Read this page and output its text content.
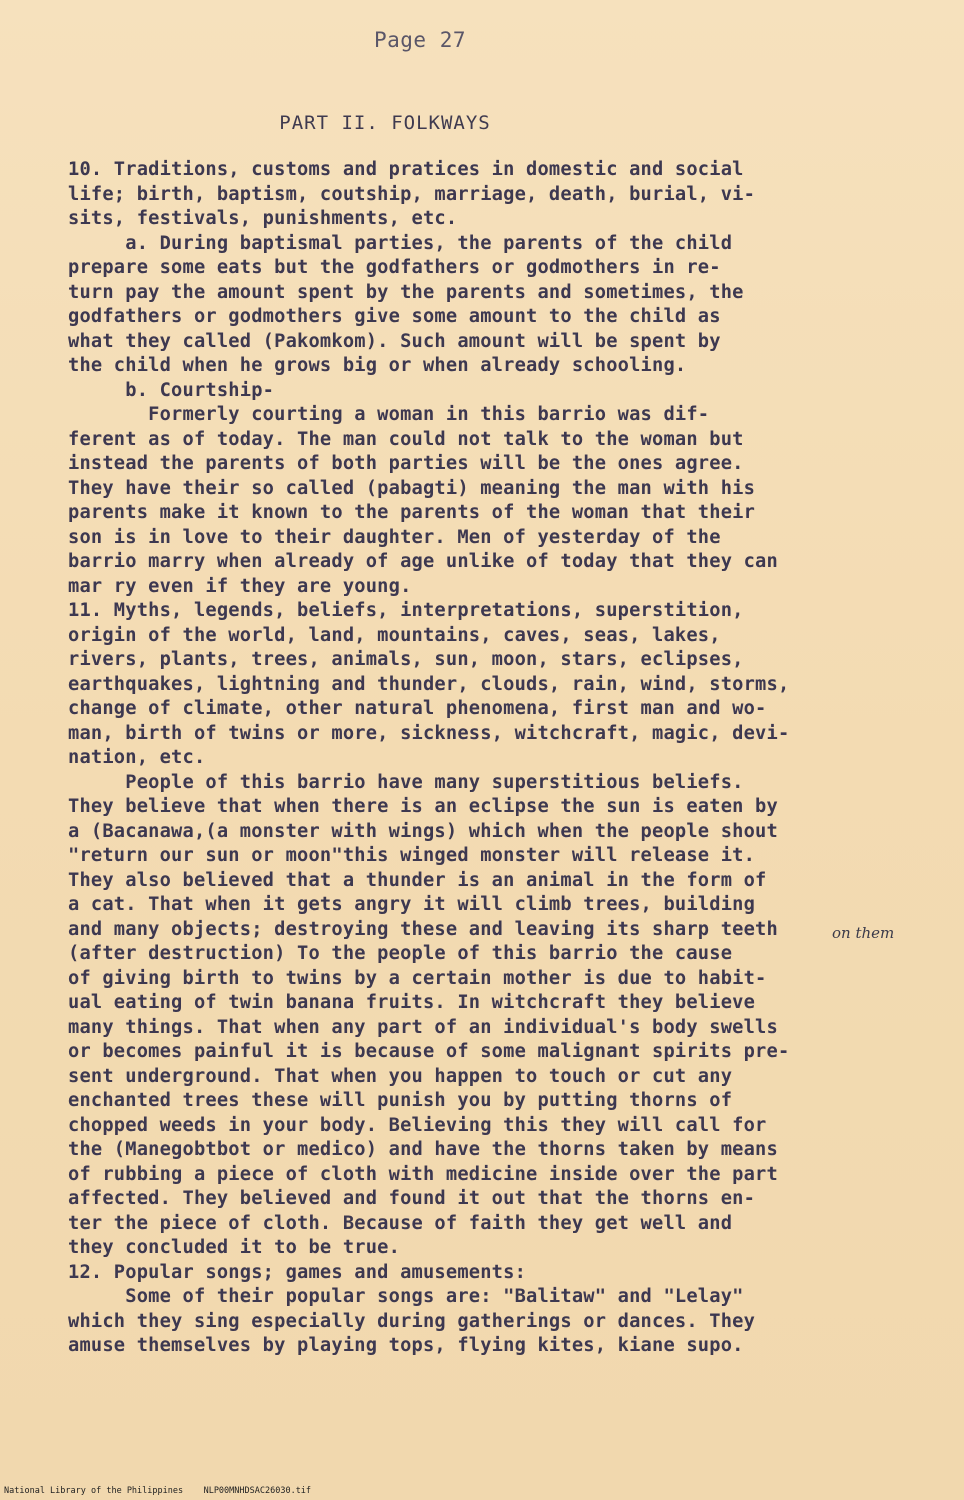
Page 27
PART II. FOLKWAYS
10. Traditions, customs and pratices in domestic and social
life; birth, baptism, coutship, marriage, death, burial, vi-
sits, festivals, punishments, etc.
a. During baptismal parties, the parents of the child
prepare some eats but the godfathers or godmothers in re-
turn pay the amount spent by the parents and sometimes, the
godfathers or godmothers give some amount to the child as
what they called (Pakomkom). Such amount will be spent by
the child when he grows big or when already schooling.
b. Courtship-
Formerly courting a woman in this barrio was dif-
ferent as of today. The man could not talk to the woman but
instead the parents of both parties will be the ones agree.
They have their so called (pabagti) meaning the man with his
parents make it known to the parents of the woman that their
son is in love to their daughter. Men of yesterday of the
barrio marry when already of age unlike of today that they can
mar ry even if they are young.
11. Myths, legends, beliefs, interpretations, superstition,
origin of the world, land, mountains, caves, seas, lakes,
rivers, plants, trees, animals, sun, moon, stars, eclipses,
earthquakes, lightning and thunder, clouds, rain, wind, storms,
change of climate, other natural phenomena, first man and wo-
man, birth of twins or more, sickness, witchcraft, magic, devi-
nation, etc.
People of this barrio have many superstitious beliefs.
They believe that when there is an eclipse the sun is eaten by
a (Bacanawa,(a monster with wings) which when the people shout
"return our sun or moon"this winged monster will release it.
They also believed that a thunder is an animal in the form of
a cat. That when it gets angry it will climb trees, building
and many objects; destroying these and leaving its sharp teeth
(after destruction) To the people of this barrio the cause
of giving birth to twins by a certain mother is due to habit-
ual eating of twin banana fruits. In witchcraft they believe
many things. That when any part of an individual's body swells
or becomes painful it is because of some malignant spirits pre-
sent underground. That when you happen to touch or cut any
enchanted trees these will punish you by putting thorns of
chopped weeds in your body. Believing this they will call for
the (Manegobtbot or medico) and have the thorns taken by means
of rubbing a piece of cloth with medicine inside over the part
affected. They believed and found it out that the thorns en-
ter the piece of cloth. Because of faith they get well and
they concluded it to be true.
12. Popular songs; games and amusements:
Some of their popular songs are: "Balitaw" and "Lelay"
which they sing especially during gatherings or dances. They
amuse themselves by playing tops, flying kites, kiane supo.
on them
National Library of the Philippines    NLP00MNHDSAC26030.tif
